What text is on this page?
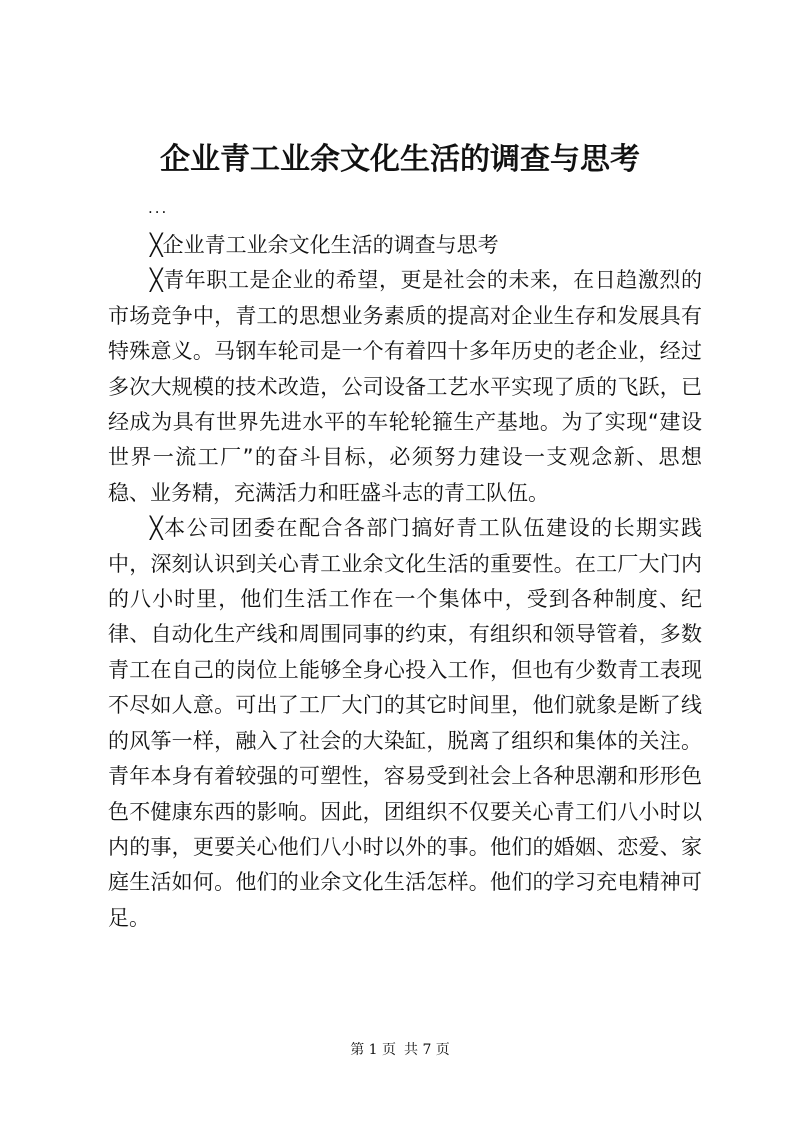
企业青工业余文化生活的调查与思考
...

╳企业青工业余文化生活的调查与思考

╳青年职工是企业的希望，更是社会的未来，在日趋激烈的市场竞争中，青工的思想业务素质的提高对企业生存和发展具有特殊意义。马钢车轮司是一个有着四十多年历史的老企业，经过多次大规模的技术改造，公司设备工艺水平实现了质的飞跃，已经成为具有世界先进水平的车轮轮箍生产基地。为了实现“建设世界一流工厂”的奋斗目标，必须努力建设一支观念新、思想稳、业务精，充满活力和旺盛斗志的青工队伍。

╳本公司团委在配合各部门搞好青工队伍建设的长期实践中，深刻认识到关心青工业余文化生活的重要性。在工厂大门内的八小时里，他们生活工作在一个集体中，受到各种制度、纪律、自动化生产线和周围同事的约束，有组织和领导管着，多数青工在自己的岗位上能够全身心投入工作，但也有少数青工表现不尽如人意。可出了工厂大门的其它时间里，他们就象是断了线的风筝一样，融入了社会的大染缸，脱离了组织和集体的关注。青年本身有着较强的可塑性，容易受到社会上各种思潮和形形色色不健康东西的影响。因此，团组织不仅要关心青工们八小时以内的事，更要关心他们八小时以外的事。他们的婚姻、恋爱、家庭生活如何。他们的业余文化生活怎样。他们的学习充电精神可足。

第 1 页 共 7 页
